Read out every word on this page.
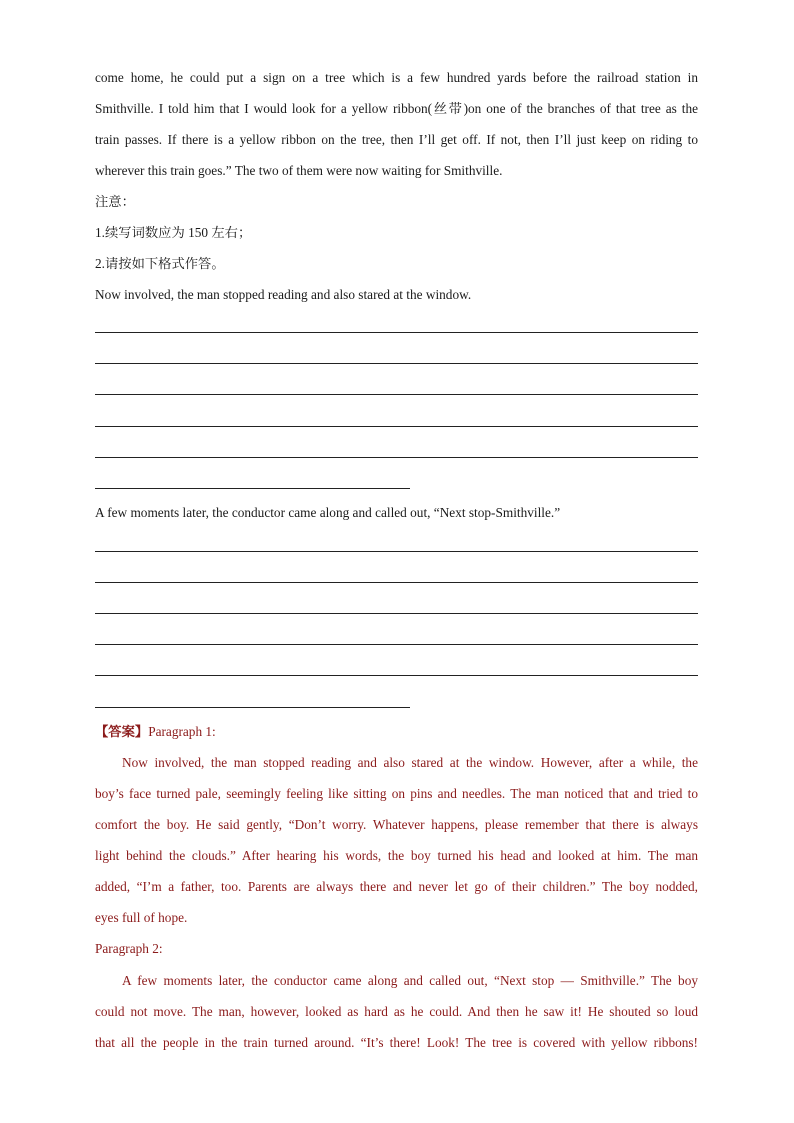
come home, he could put a sign on a tree which is a few hundred yards before the railroad station in
Smithville. I told him that I would look for a yellow ribbon(丝带)on one of the branches of that tree as the
train passes. If there is a yellow ribbon on the tree, then I’ll get off. If not, then I’ll just keep on riding to
wherever this train goes.” The two of them were now waiting for Smithville.
注意：
1.续写词数应为 150 左右；
2.请按如下格式作答。
Now involved, the man stopped reading and also stared at the window.
A few moments later, the conductor came along and called out, “Next stop-Smithville.”
【答案】Paragraph 1:
Now involved, the man stopped reading and also stared at the window. However, after a while, the
boy’s face turned pale, seemingly feeling like sitting on pins and needles. The man noticed that and tried to
comfort the boy. He said gently, “Don’t worry. Whatever happens, please remember that there is always
light behind the clouds.” After hearing his words, the boy turned his head and looked at him. The man
added, “I’m a father, too. Parents are always there and never let go of their children.” The boy nodded,
eyes full of hope.
Paragraph 2:
A few moments later, the conductor came along and called out, “Next stop — Smithville.” The boy
could not move. The man, however, looked as hard as he could. And then he saw it! He shouted so loud
that all the people in the train turned around. “It’s there! Look! The tree is covered with yellow ribbons!
